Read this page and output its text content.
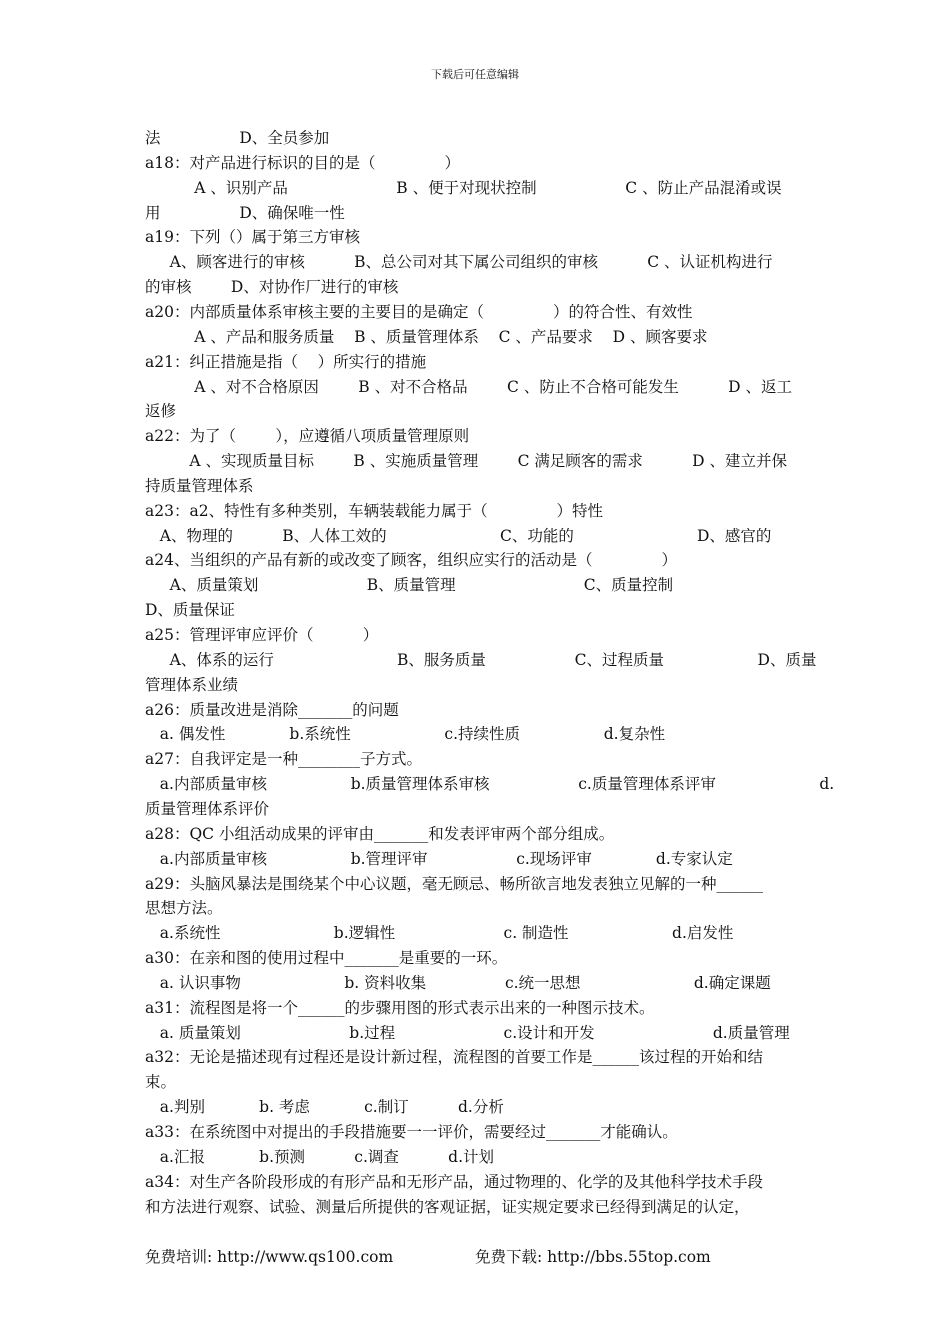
下载后可任意编辑
法                D、全员参加
a18：对产品进行标识的目的是（              ）
A 、识别产品                      B 、便于对现状控制                  C 、防止产品混淆或误
用                D、确保唯一性
a19：下列（）属于第三方审核
A、顾客进行的审核          B、总公司对其下属公司组织的审核          C 、认证机构进行
的审核        D、对协作厂进行的审核
a20：内部质量体系审核主要的主要目的是确定（              ）的符合性、有效性
A 、产品和服务质量    B 、质量管理体系    C 、产品要求    D 、顾客要求
a21：纠正措施是指（    ）所实行的措施
A 、对不合格原因        B 、对不合格品        C 、防止不合格可能发生          D 、返工
返修
a22：为了（        ），应遵循八项质量管理原则
A 、实现质量目标        B 、实施质量管理        C 满足顾客的需求          D 、建立并保
持质量管理体系
a23：a2、特性有多种类别，车辆装载能力属于（              ）特性
A、物理的          B、人体工效的                       C、功能的                         D、感官的
a24、当组织的产品有新的或改变了顾客，组织应实行的活动是（              ）
A、质量策划                      B、质量管理                          C、质量控制
D、质量保证
a25：管理评审应评价（          ）
A、体系的运行                         B、服务质量                  C、过程质量                   D、质量
管理体系业绩
a26：质量改进是消除_______的问题
a. 偶发性             b.系统性                   c.持续性质                 d.复杂性
a27：自我评定是一种________子方式。
a.内部质量审核                 b.质量管理体系审核                  c.质量管理体系评审                     d.
质量管理体系评价
a28：QC 小组活动成果的评审由_______和发表评审两个部分组成。
a.内部质量审核                 b.管理评审                  c.现场评审             d.专家认定
a29：头脑风暴法是围绕某个中心议题，毫无顾忌、畅所欲言地发表独立见解的一种______
思想方法。
a.系统性                       b.逻辑性                      c. 制造性                     d.启发性
a30：在亲和图的使用过程中_______是重要的一环。
a. 认识事物                     b. 资料收集                c.统一思想                       d.确定课题
a31：流程图是将一个______的步骤用图的形式表示出来的一种图示技术。
a. 质量策划                      b.过程                      c.设计和开发                        d.质量管理
a32：无论是描述现有过程还是设计新过程，流程图的首要工作是______该过程的开始和结
束。
a.判别           b. 考虑           c.制订          d.分析
a33：在系统图中对提出的手段措施要一一评价，需要经过_______才能确认。
a.汇报           b.预测          c.调查          d.计划
a34：对生产各阶段形成的有形产品和无形产品，通过物理的、化学的及其他科学技术手段
和方法进行观察、试验、测量后所提供的客观证据，证实规定要求已经得到满足的认定，
免费培训: http://www.qs100.com	免费下载: http://bbs.55top.com
